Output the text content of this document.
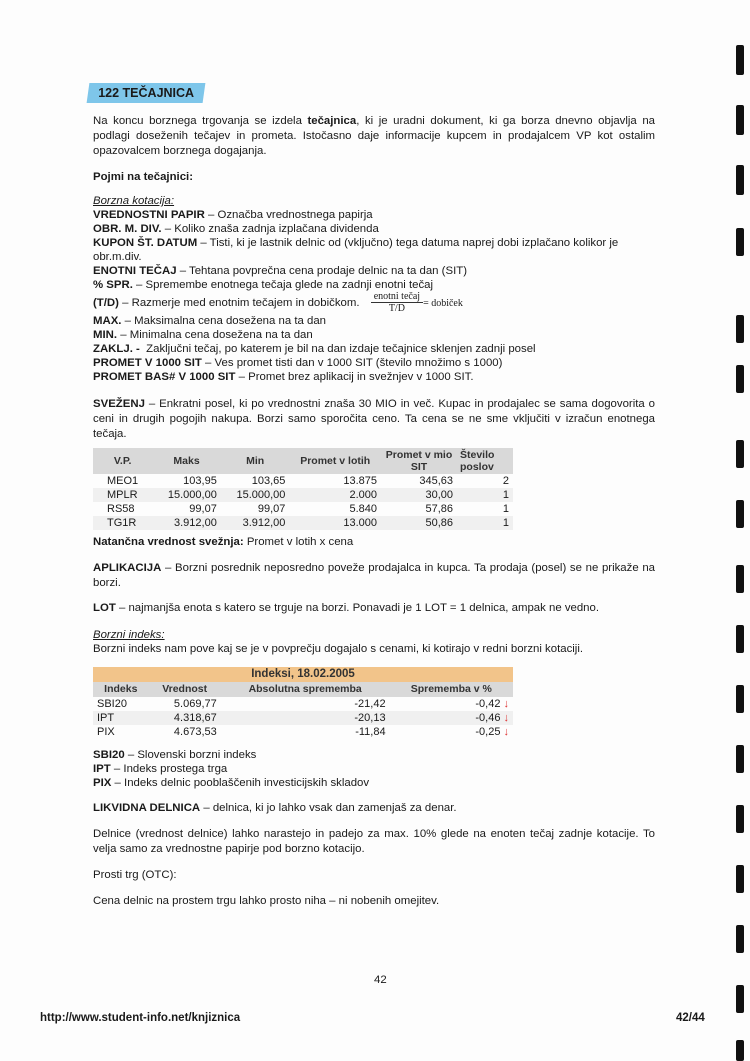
122 TEČAJNICA
Na koncu borznega trgovanja se izdela tečajnica, ki je uradni dokument, ki ga borza dnevno objavlja na podlagi doseženih tečajev in prometa. Istočasno daje informacije kupcem in prodajalcem VP kot ostalim opazovalcem borznega dogajanja.
Pojmi na tečajnici:
Borzna kotacija:
VREDNOSTNI PAPIR – Označba vrednostnega papirja
OBR. M. DIV. – Koliko znaša zadnja izplačana dividenda
KUPON ŠT. DATUM – Tisti, ki je lastnik delnic od (vključno) tega datuma naprej dobi izplačano kolikor je
obr.m.div.
ENOTNI TEČAJ – Tehtana povprečna cena prodaje delnic na ta dan (SIT)
% SPR. – Spremembe enotnega tečaja glede na zadnji enotni tečaj
(T/D) – Razmerje med enotnim tečajem in dobičkom. $\frac{\text{enotni tečaj}}{T/D}$ = dobiček
MAX. – Maksimalna cena dosežena na ta dan
MIN. – Minimalna cena dosežena na ta dan
ZAKLJ. -  Zaključni tečaj, po katerem je bil na dan izdaje tečajnice sklenjen zadnji posel
PROMET V 1000 SIT – Ves promet tisti dan v 1000 SIT (število množimo s 1000)
PROMET BAS# V 1000 SIT – Promet brez aplikacij in svežnjev v 1000 SIT.
SVEŽENJ – Enkratni posel, ki po vrednostni znaša 30 MIO in več. Kupac in prodajalec se sama dogovorita o ceni in drugih pogojih nakupa. Borzi samo sporočita ceno. Ta cena se ne sme vključiti v izračun enotnega tečaja.
V.P.	Maks	Min	Promet v lotih	Promet v mio SIT	Število poslov
MEO1	103,95	103,65	13.875	345,63	2
MPLR	15.000,00	15.000,00	2.000	30,00	1
RS58	99,07	99,07	5.840	57,86	1
TG1R	3.912,00	3.912,00	13.000	50,86	1
Natančna vrednost svežnja: Promet v lotih x cena
APLIKACIJA – Borzni posrednik neposredno poveže prodajalca in kupca. Ta prodaja (posel) se ne prikaže na borzi.
LOT – najmanjša enota s katero se trguje na borzi. Ponavadi je 1 LOT = 1 delnica, ampak ne vedno.
Borzni indeks:
Borzni indeks nam pove kaj se je v povprečju dogajalo s cenami, ki kotirajo v redni borzni kotaciji.
Indeksi, 18.02.2005			
Indeks	Vrednost	Absolutna sprememba	Sprememba v %
SBI20	5.069,77	-21,42	-0,42 ↓
IPT	4.318,67	-20,13	-0,46 ↓
PIX	4.673,53	-11,84	-0,25 ↓
SBI20 – Slovenski borzni indeks
IPT – Indeks prostega trga
PIX – Indeks delnic pooblaščenih investicijskih skladov
LIKVIDNA DELNICA – delnica, ki jo lahko vsak dan zamenjaš za denar.
Delnice (vrednost delnice) lahko narastejo in padejo za max. 10% glede na enoten tečaj zadnje kotacije. To velja samo za vrednostne papirje pod borzno kotacijo.
Prosti trg (OTC):
Cena delnic na prostem trgu lahko prosto niha – ni nobenih omejitev.
42
http://www.student-info.net/knjiznica	42/44
